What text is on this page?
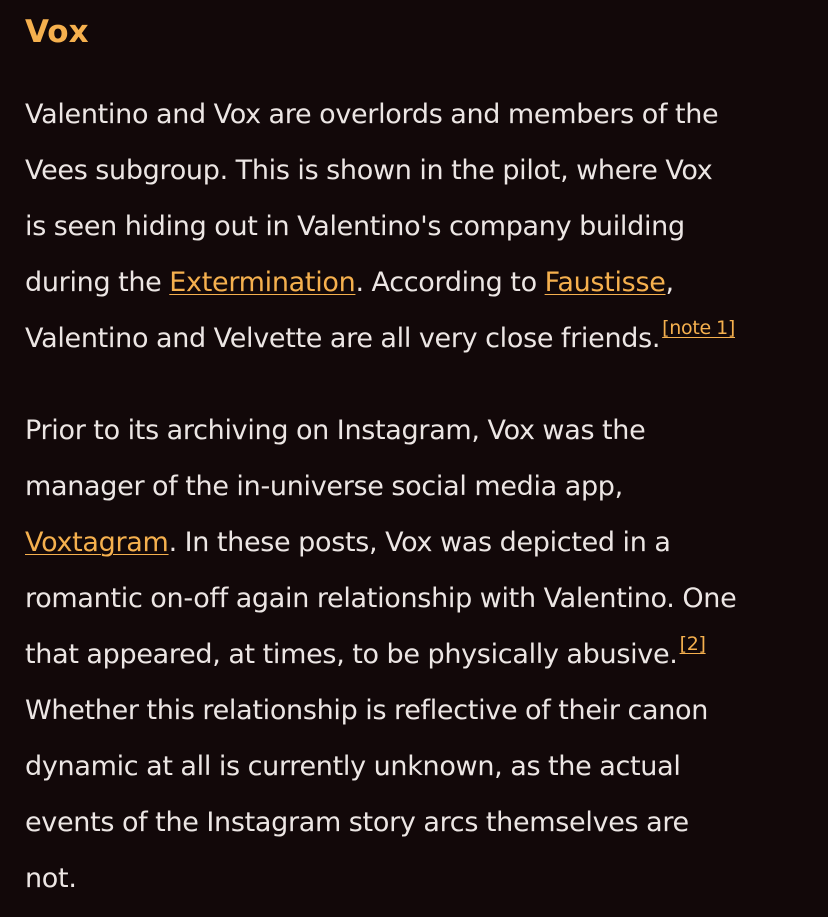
Vox

Valentino and Vox are overlords and members of the
Vees subgroup. This is shown in the pilot, where Vox
is seen hiding out in Valentino's company building
during the Extermination. According to Faustisse,
Valentino and Velvette are all very close friends. [note 1]

Prior to its archiving on Instagram, Vox was the
manager of the in-universe social media app,
Voxtagram. In these posts, Vox was depicted in a
romantic on-off again relationship with Valentino. One
that appeared, at times, to be physically abusive. [2]
Whether this relationship is reflective of their canon
dynamic at all is currently unknown, as the actual
events of the Instagram story arcs themselves are
not.
